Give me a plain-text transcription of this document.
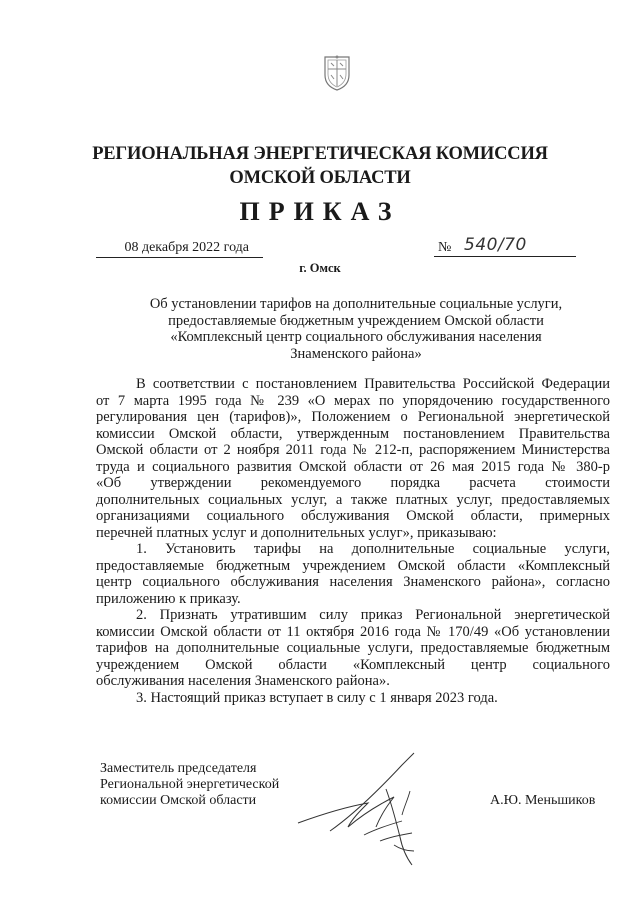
РЕГИОНАЛЬНАЯ ЭНЕРГЕТИЧЕСКАЯ КОМИССИЯ
ОМСКОЙ ОБЛАСТИ
ПРИКАЗ
08 декабря 2022 года	№ 540/70
г. Омск
Об установлении тарифов на дополнительные социальные услуги,
предоставляемые бюджетным учреждением Омской области
«Комплексный центр социального обслуживания населения
Знаменского района»
В соответствии с постановлением Правительства Российской Федерации
от 7 марта 1995 года № 239 «О мерах по упорядочению государственного
регулирования цен (тарифов)», Положением о Региональной энергетической
комиссии Омской области, утвержденным постановлением Правительства
Омской области от 2 ноября 2011 года № 212-п, распоряжением Министерства
труда и социального развития Омской области от 26 мая 2015 года № 380-р
«Об утверждении рекомендуемого порядка расчета стоимости
дополнительных социальных услуг, а также платных услуг, предоставляемых
организациями социального обслуживания Омской области, примерных
перечней платных услуг и дополнительных услуг», приказываю:
1. Установить тарифы на дополнительные социальные услуги,
предоставляемые бюджетным учреждением Омской области «Комплексный
центр социального обслуживания населения Знаменского района», согласно
приложению к приказу.
2. Признать утратившим силу приказ Региональной энергетической
комиссии Омской области от 11 октября 2016 года № 170/49 «Об установлении
тарифов на дополнительные социальные услуги, предоставляемые бюджетным
учреждением Омской области «Комплексный центр социального
обслуживания населения Знаменского района».
3. Настоящий приказ вступает в силу с 1 января 2023 года.
Заместитель председателя
Региональной энергетической
комиссии Омской области	А.Ю. Меньшиков
